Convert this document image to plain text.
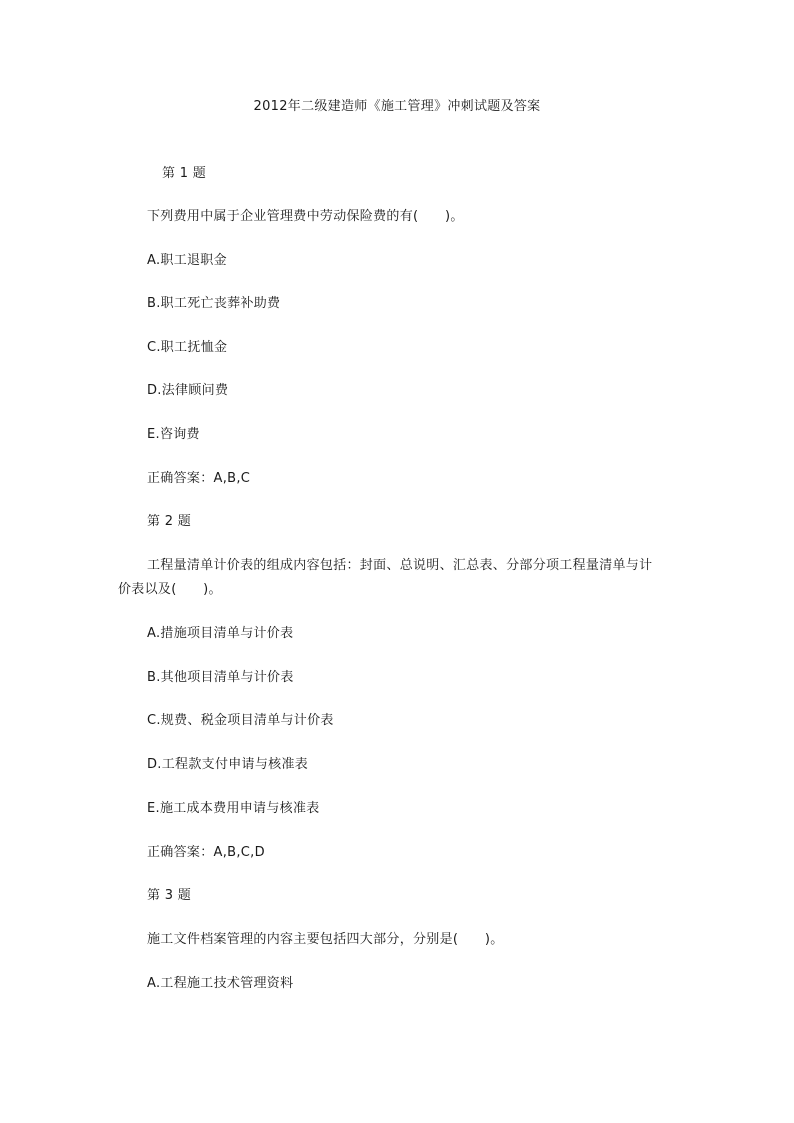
2012年二级建造师《施工管理》冲刺试题及答案
第 1 题
下列费用中属于企业管理费中劳动保险费的有(　　)。
A.职工退职金
B.职工死亡丧葬补助费
C.职工抚恤金
D.法律顾问费
E.咨询费
正确答案：A,B,C
第 2 题
工程量清单计价表的组成内容包括：封面、总说明、汇总表、分部分项工程量清单与计
价表以及(　　)。
A.措施项目清单与计价表
B.其他项目清单与计价表
C.规费、税金项目清单与计价表
D.工程款支付申请与核准表
E.施工成本费用申请与核准表
正确答案：A,B,C,D
第 3 题
施工文件档案管理的内容主要包括四大部分，分别是(　　)。
A.工程施工技术管理资料
